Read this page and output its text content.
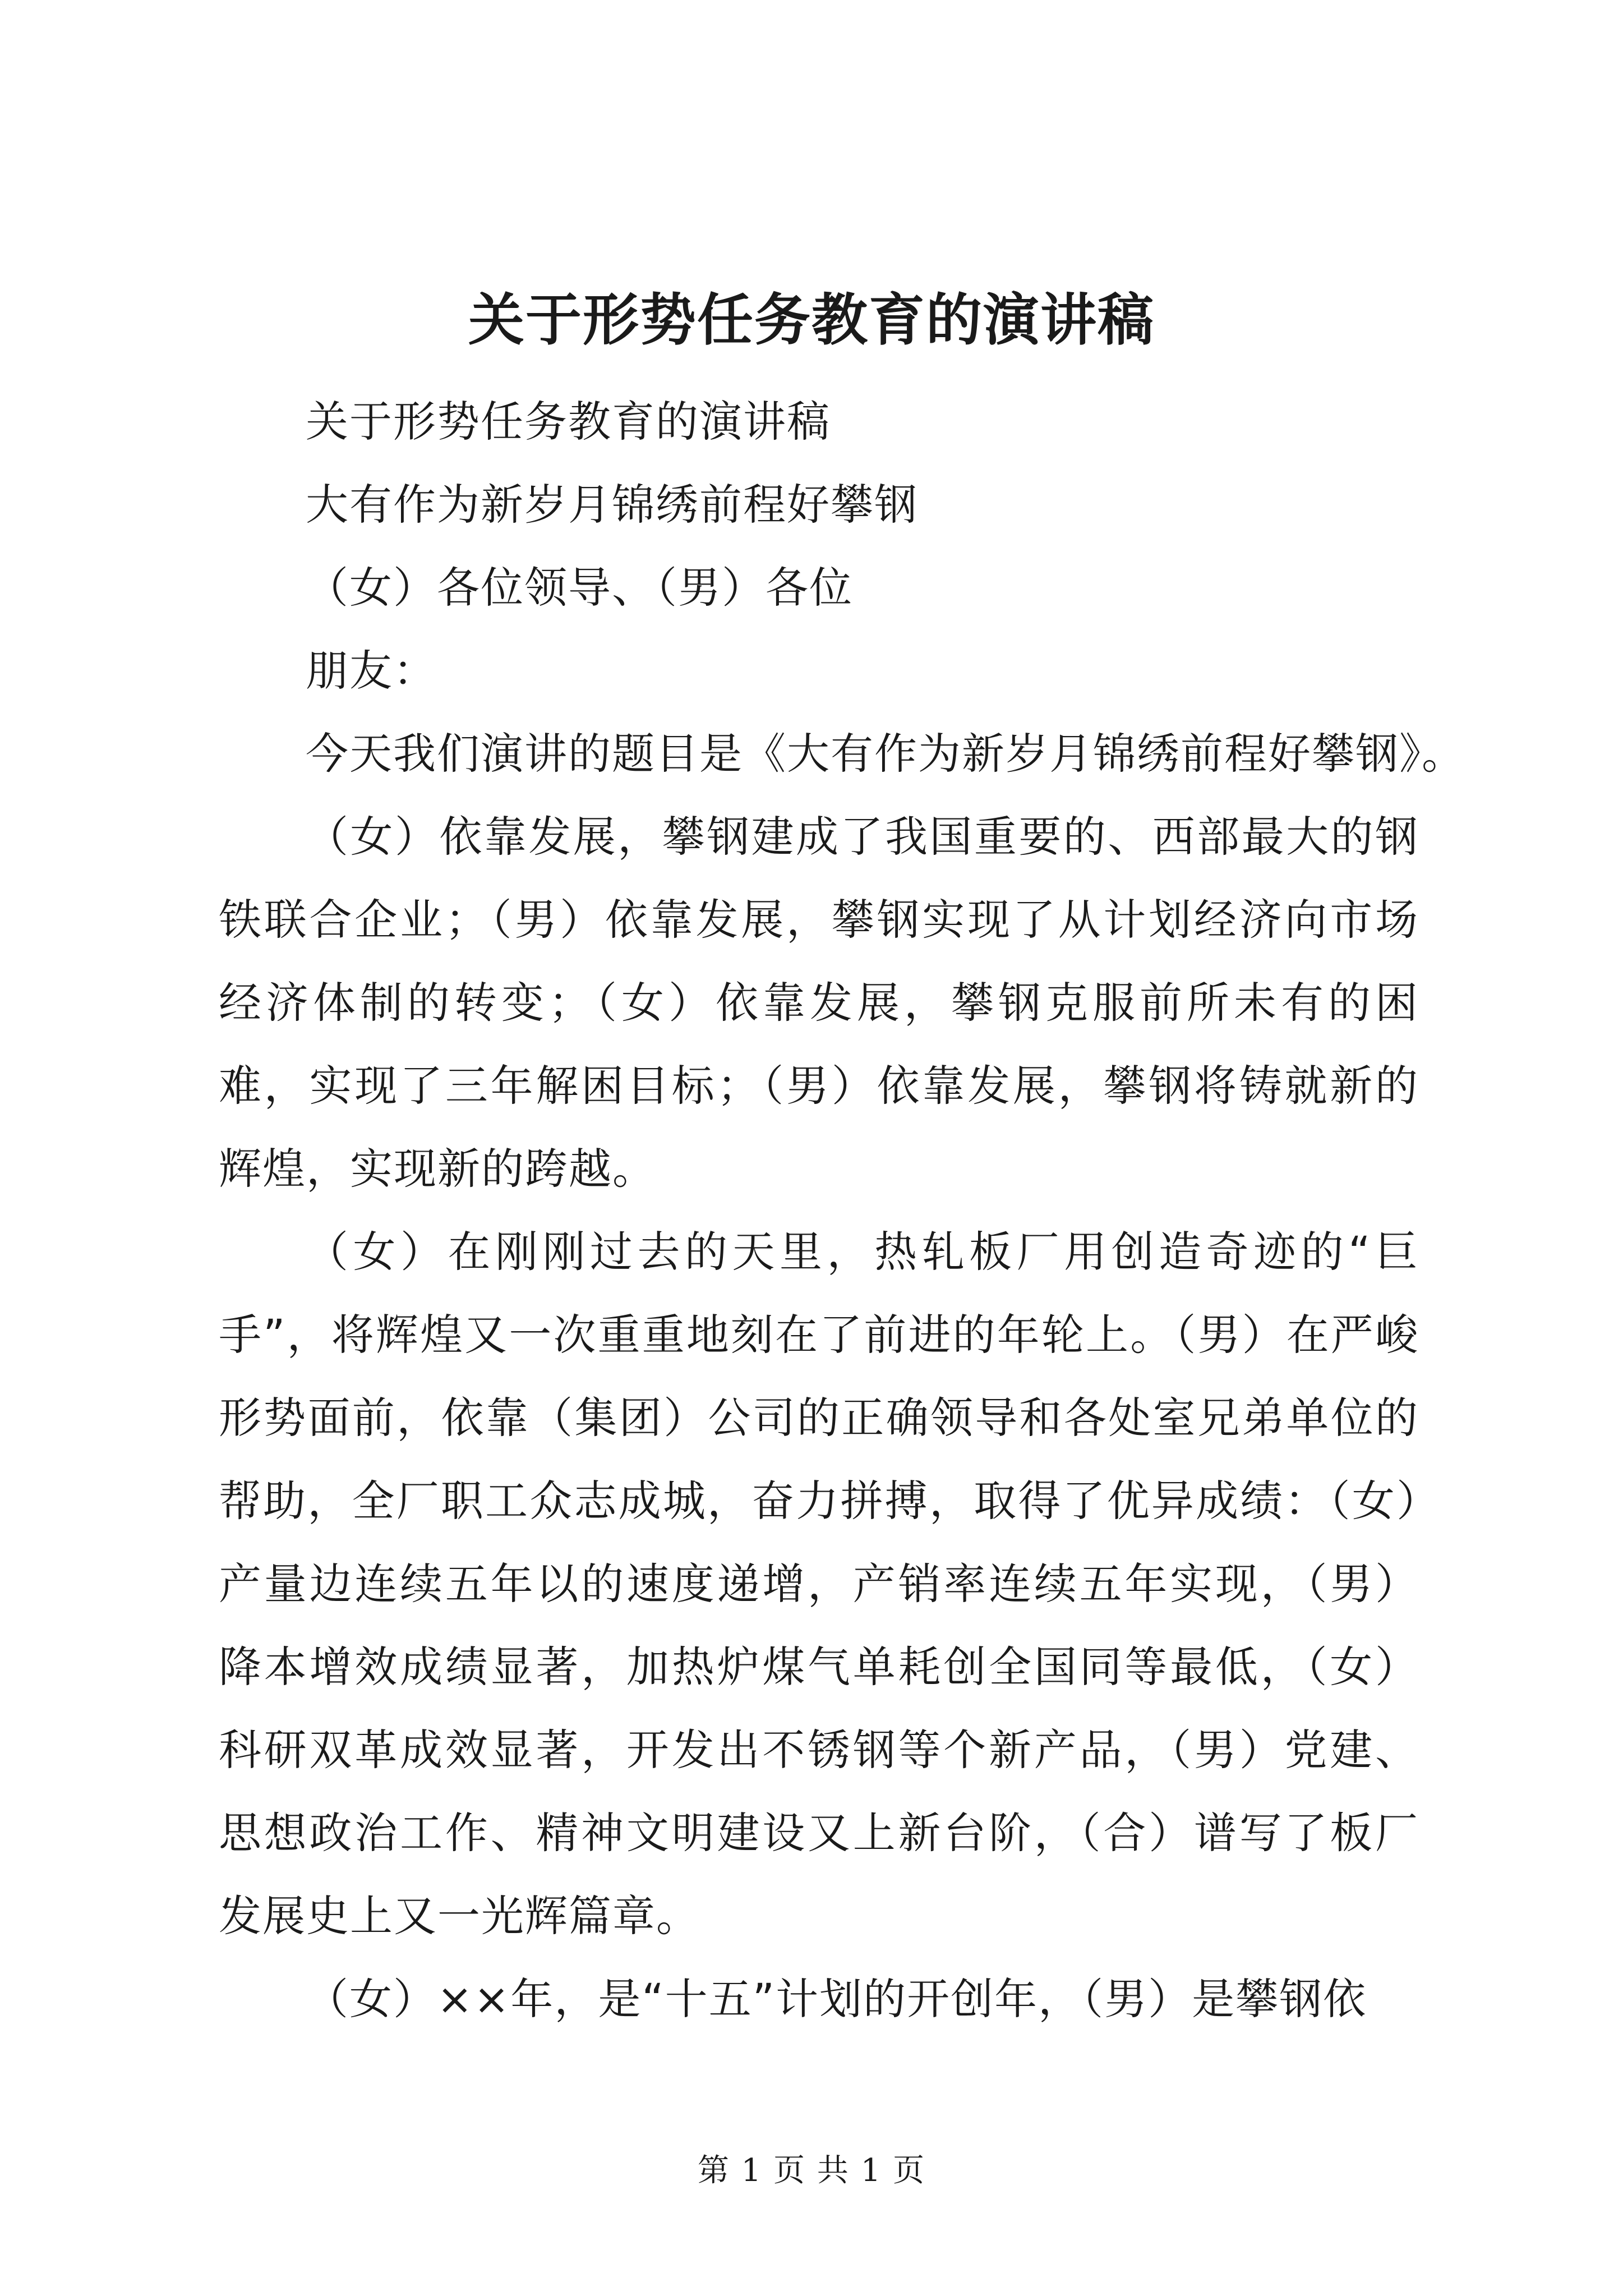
关于形势任务教育的演讲稿

关于形势任务教育的演讲稿

大有作为新岁月锦绣前程好攀钢

（女）各位领导、（男）各位

朋友：

今天我们演讲的题目是《大有作为新岁月锦绣前程好攀钢》。

（女）依靠发展，攀钢建成了我国重要的、西部最大的钢铁联合企业；（男）依靠发展，攀钢实现了从计划经济向市场经济体制的转变；（女）依靠发展，攀钢克服前所未有的困难，实现了三年解困目标；（男）依靠发展，攀钢将铸就新的辉煌，实现新的跨越。

（女）在刚刚过去的天里，热轧板厂用创造奇迹的“巨手”，将辉煌又一次重重地刻在了前进的年轮上。（男）在严峻形势面前，依靠（集团）公司的正确领导和各处室兄弟单位的帮助，全厂职工众志成城，奋力拼搏，取得了优异成绩：（女）产量边连续五年以的速度递增，产销率连续五年实现，（男）降本增效成绩显著，加热炉煤气单耗创全国同等最低，（女）科研双革成效显著，开发出不锈钢等个新产品，（男）党建、思想政治工作、精神文明建设又上新台阶，（合）谱写了板厂发展史上又一光辉篇章。

（女）××年，是“十五”计划的开创年，（男）是攀钢依

第 1 页 共 1 页
